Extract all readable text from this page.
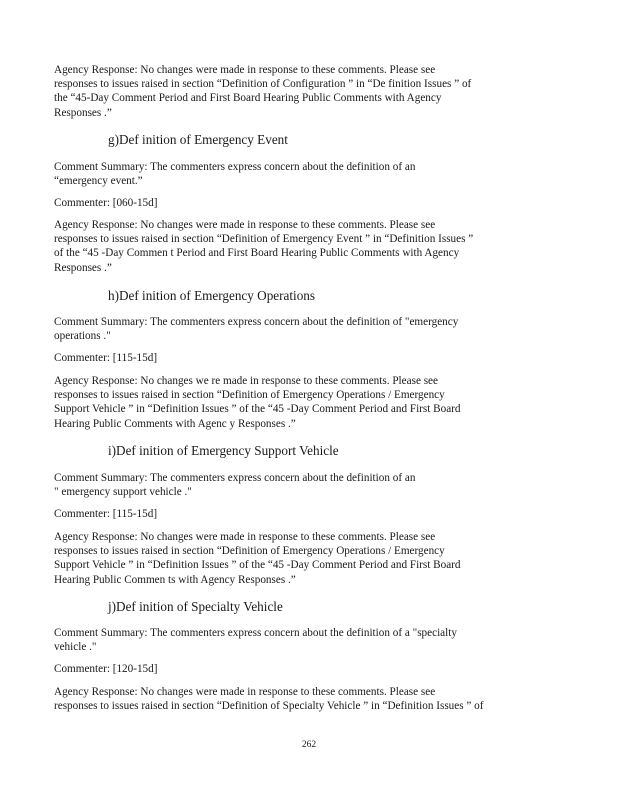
Agency Response: No changes were made in response to these comments. Please see
responses to issues raised in section “Definition of Configuration ” in “De finition Issues ” of
the “45-Day Comment Period and First Board Hearing Public Comments with Agency
Responses .”
g)Def inition of Emergency Event
Comment Summary: The commenters express concern about the definition of an
“emergency event.”
Commenter: [060-15d]
Agency Response: No changes were made in response to these comments. Please see
responses to issues raised in section “Definition of Emergency Event ” in “Definition Issues ”
of the “45 -Day Commen t Period and First Board Hearing Public Comments with Agency
Responses .”
h)Def inition of Emergency Operations
Comment Summary: The commenters express concern about the definition of "emergency
operations ."
Commenter: [115-15d]
Agency Response: No changes we re made in response to these comments. Please see
responses to issues raised in section “Definition of Emergency Operations / Emergency
Support Vehicle ” in “Definition Issues ” of the “45 -Day Comment Period and First Board
Hearing Public Comments with Agenc y Responses .”
i)Def inition of Emergency Support Vehicle
Comment Summary: The commenters express concern about the definition of an
" emergency support vehicle ."
Commenter: [115-15d]
Agency Response: No changes were made in response to these comments. Please see
responses to issues raised in section “Definition of Emergency Operations / Emergency
Support Vehicle ” in “Definition Issues ” of the “45 -Day Comment Period and First Board
Hearing Public Commen ts with Agency Responses .”
j)Def inition of Specialty Vehicle
Comment Summary: The commenters express concern about the definition of a "specialty
vehicle ."
Commenter: [120-15d]
Agency Response: No changes were made in response to these comments. Please see
responses to issues raised in section “Definition of Specialty Vehicle ” in “Definition Issues ” of
262
